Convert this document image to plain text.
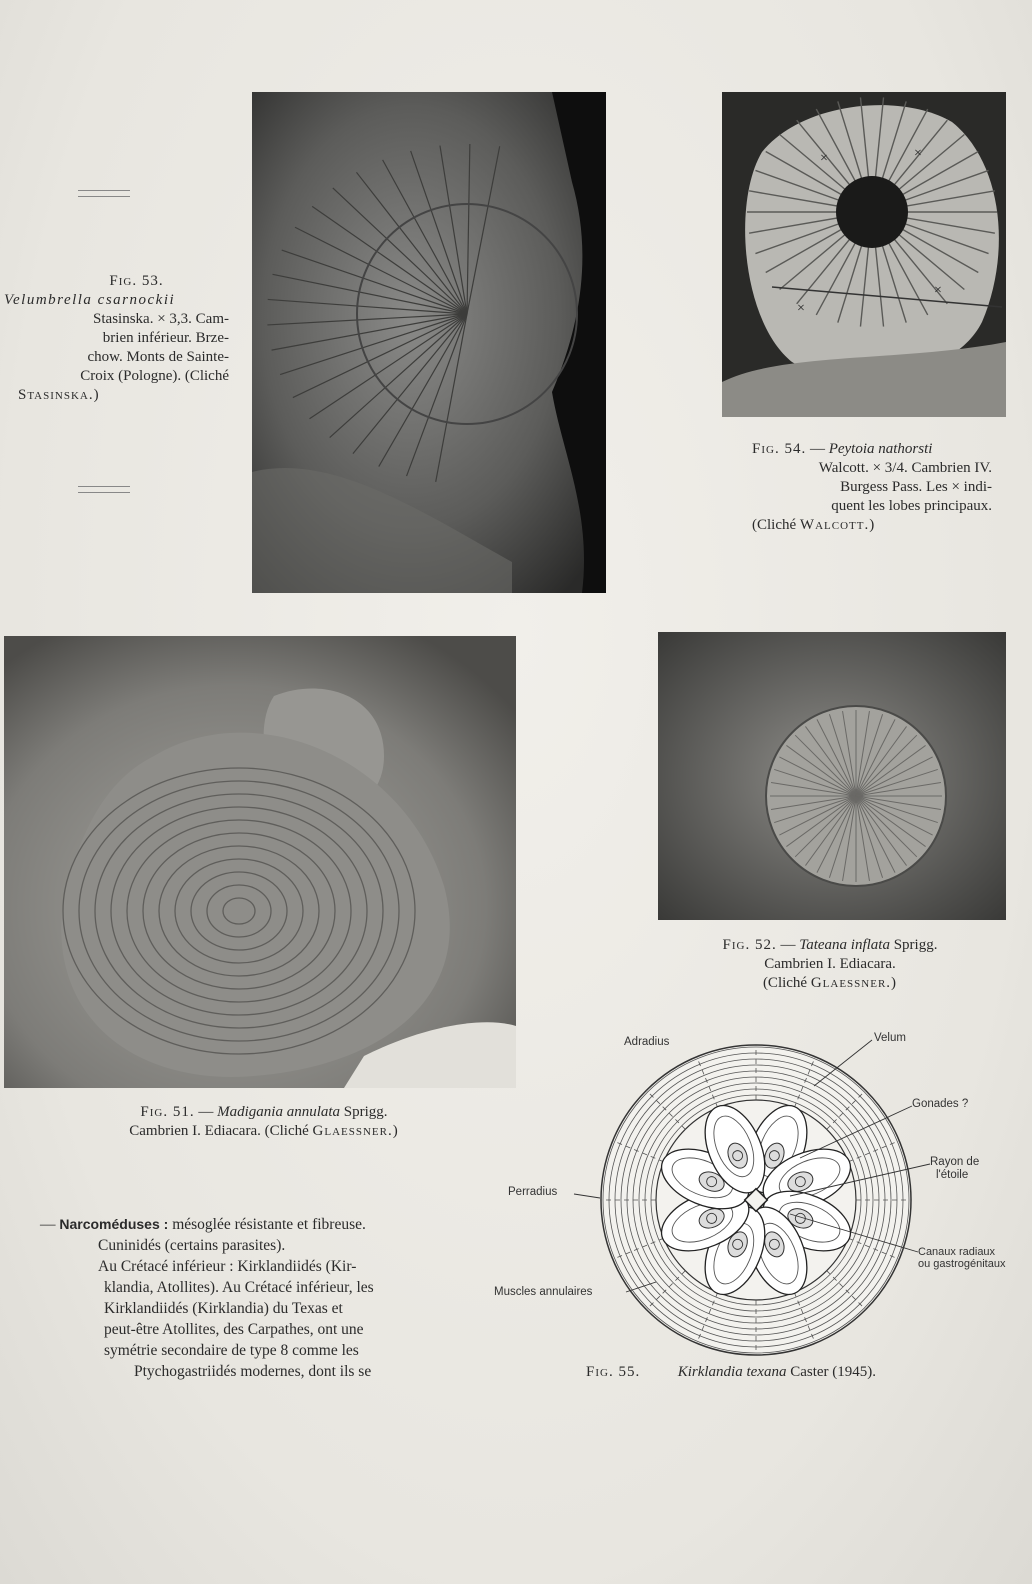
Fig. 53.
Velumbrella csarnockii
Stasinska. × 3,3. Cam-
brien inférieur. Brze-
chow. Monts de Sainte-
Croix (Pologne). (Cliché
Stasinska.)
×	×
×
×
Fig. 54. — Peytoia nathorsti
Walcott. × 3/4. Cambrien IV.
Burgess Pass. Les × indi-
quent les lobes principaux.
(Cliché Walcott.)
Fig. 51. — Madigania annulata Sprigg.
Cambrien I. Ediacara. (Cliché Glaessner.)
Fig. 52. — Tateana inflata Sprigg.
Cambrien I. Ediacara.
(Cliché Glaessner.)
Adradius	Velum
Gonades ?
Rayon de
l'étoile
Perradius
Canaux radiaux
ou gastrogénitaux
Muscles annulaires
Fig. 55.	Kirklandia texana Caster (1945).
— Narcoméduses : mésoglée résistante et fibreuse.
Cuninidés (certains parasites).
Au Crétacé inférieur : Kirklandiidés (Kir-
klandia, Atollites). Au Crétacé inférieur, les
Kirklandiidés (Kirklandia) du Texas et
peut-être Atollites, des Carpathes, ont une
symétrie secondaire de type 8 comme les
Ptychogastriidés modernes, dont ils se
